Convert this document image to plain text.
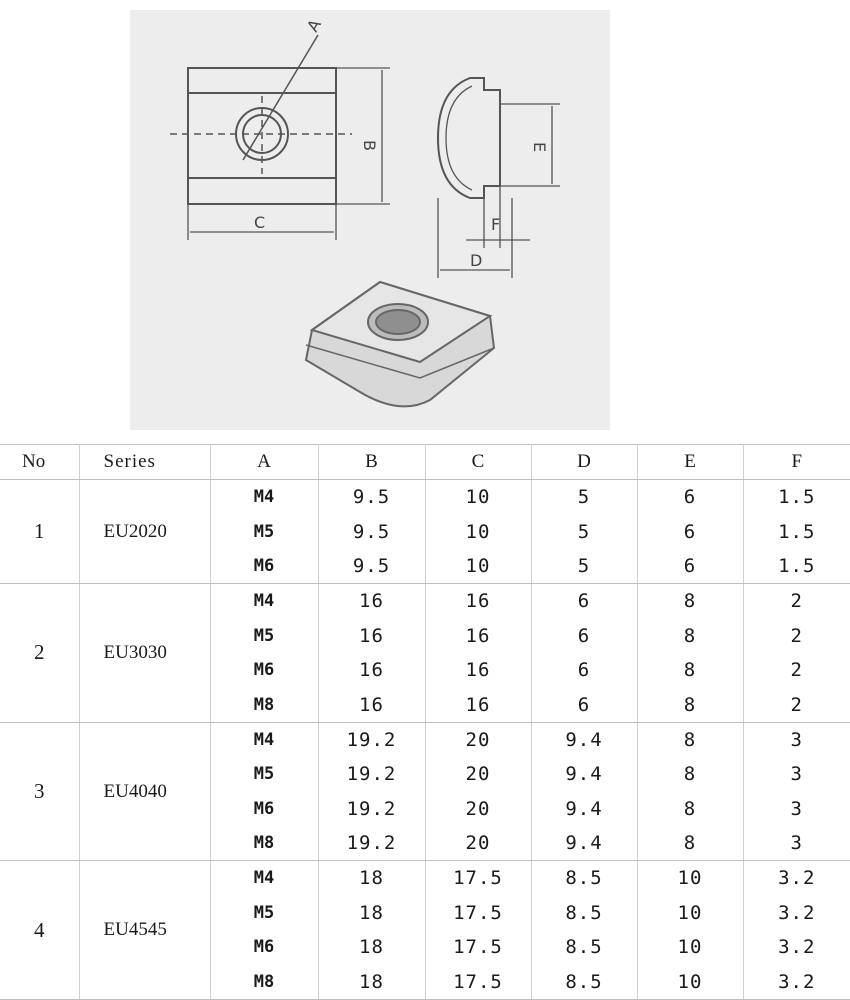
A
B
C
D
E
F
No	Series	A	B	C	D	E	F
1	EU2020	M4	9.5	10	5	6	1.5
		M5	9.5	10	5	6	1.5
		M6	9.5	10	5	6	1.5
2	EU3030	M4	16	16	6	8	2
		M5	16	16	6	8	2
		M6	16	16	6	8	2
		M8	16	16	6	8	2
3	EU4040	M4	19.2	20	9.4	8	3
		M5	19.2	20	9.4	8	3
		M6	19.2	20	9.4	8	3
		M8	19.2	20	9.4	8	3
4	EU4545	M4	18	17.5	8.5	10	3.2
		M5	18	17.5	8.5	10	3.2
		M6	18	17.5	8.5	10	3.2
		M8	18	17.5	8.5	10	3.2
